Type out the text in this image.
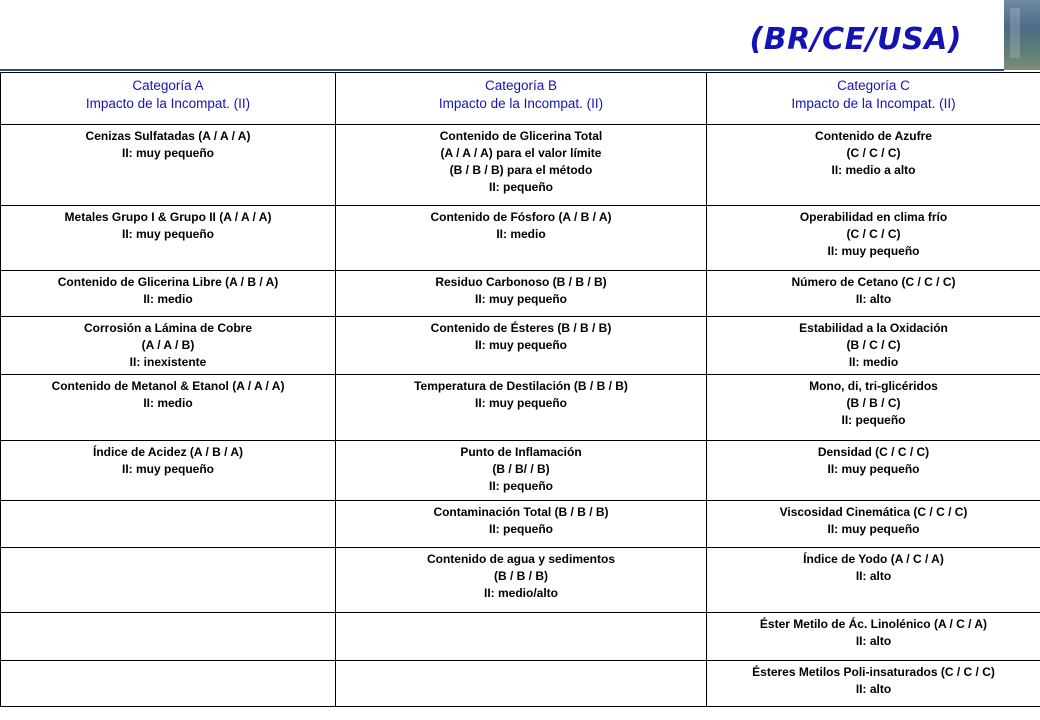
(BR/CE/USA)
Categoría A
Impacto de la Incompat. (II)	Categoría B
Impacto de la Incompat. (II)	Categoría C
Impacto de la Incompat. (II)

Cenizas Sulfatadas (A / A / A)
II: muy pequeño	Contenido de Glicerina Total
(A / A / A) para el valor límite
(B / B / B) para el método
II: pequeño	Contenido de Azufre
(C / C / C)
II: medio a alto

Metales Grupo I & Grupo II (A / A / A)
II: muy pequeño	Contenido de Fósforo (A / B / A)
II: medio	Operabilidad en clima frío
(C / C / C)
II: muy pequeño

Contenido de Glicerina Libre (A / B / A)
II: medio	Residuo Carbonoso (B / B / B)
II: muy pequeño	Número de Cetano (C / C / C)
II: alto

Corrosión a Lámina de Cobre
(A / A / B)
II: inexistente	Contenido de Ésteres (B / B / B)
II: muy pequeño	Estabilidad a la Oxidación
(B / C / C)
II: medio

Contenido de Metanol & Etanol (A / A / A)
II: medio	Temperatura de Destilación (B / B / B)
II: muy pequeño	Mono, di, tri-glicéridos
(B / B / C)
II: pequeño

Índice de Acidez (A / B / A)
II: muy pequeño	Punto de Inflamación
(B / B/ / B)
II: pequeño	Densidad (C / C / C)
II: muy pequeño

	Contaminación Total (B / B / B)
II: pequeño	Viscosidad Cinemática (C / C / C)
II: muy pequeño

	Contenido de agua y sedimentos
(B / B / B)
II: medio/alto	Índice de Yodo (A / C / A)
II: alto

		Éster Metilo de Ác. Linolénico (A / C / A)
II: alto

		Ésteres Metilos Poli-insaturados (C / C / C)
II: alto
